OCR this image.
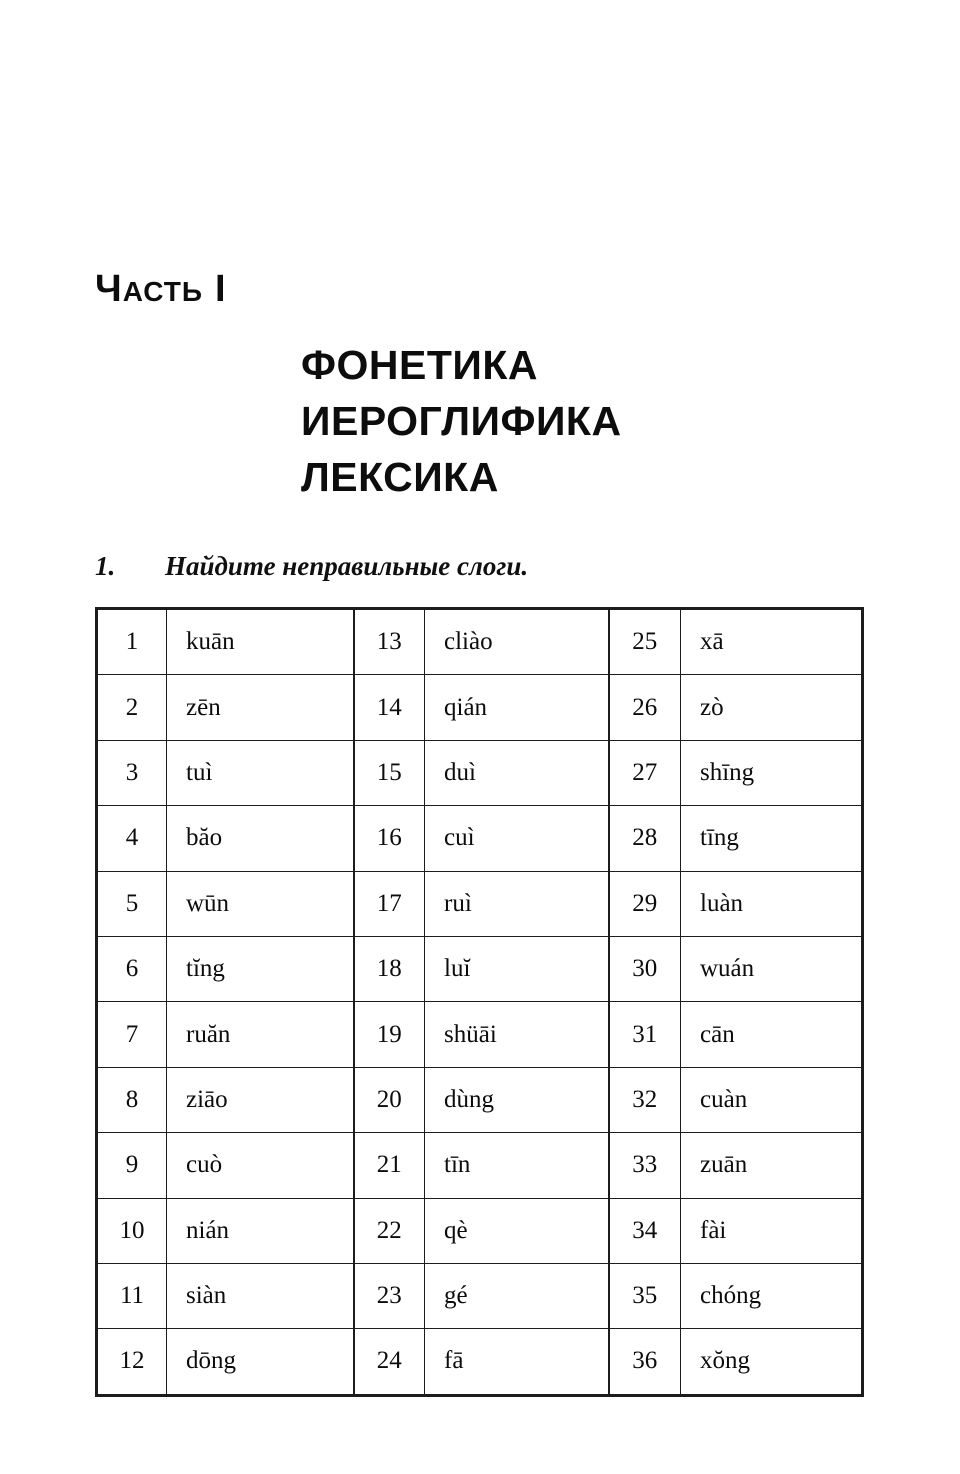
ЧАСТЬ I
ФОНЕТИКА
ИЕРОГЛИФИКА
ЛЕКСИКА
1. Найдите неправильные слоги.
1	kuān	13	cliào	25	xā
2	zēn	14	qián	26	zò
3	tuì	15	duì	27	shīng
4	băo	16	cuì	28	tīng
5	wūn	17	ruì	29	luàn
6	tĭng	18	luĭ	30	wuán
7	ruăn	19	shüāi	31	cān
8	ziāo	20	dùng	32	cuàn
9	cuò	21	tīn	33	zuān
10	nián	22	qè	34	fài
11	siàn	23	gé	35	chóng
12	dōng	24	fā	36	xŏng
